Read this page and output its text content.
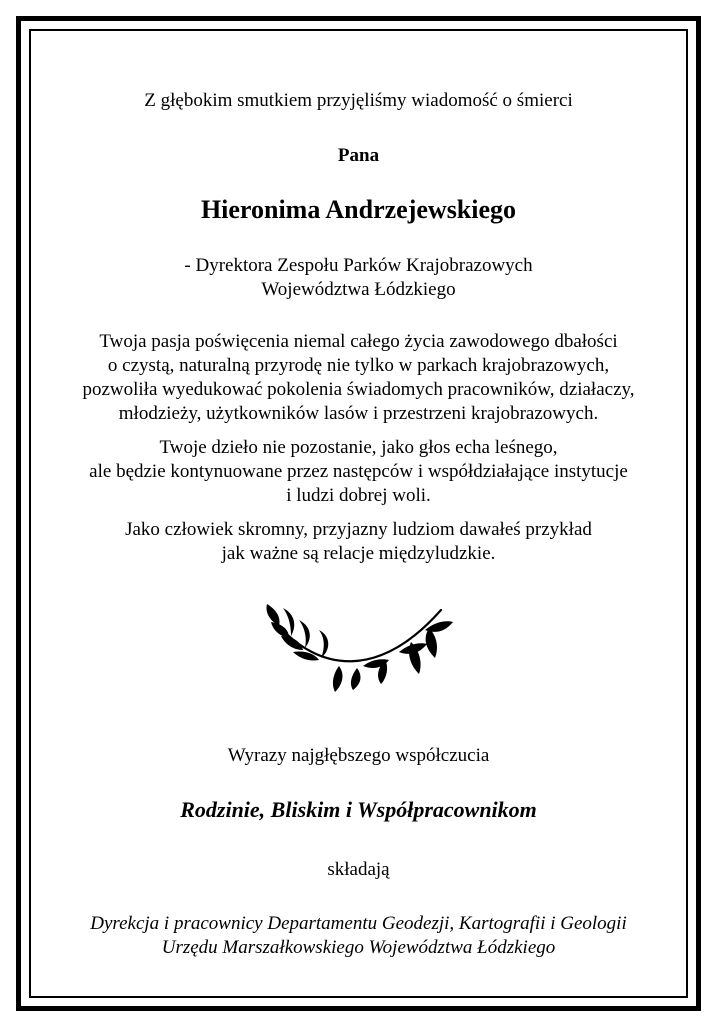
Z głębokim smutkiem przyjęliśmy wiadomość o śmierci
Pana
Hieronima Andrzejewskiego
- Dyrektora Zespołu Parków Krajobrazowych
Województwa Łódzkiego
Twoja pasja poświęcenia niemal całego życia zawodowego dbałości
o czystą, naturalną przyrodę nie tylko w parkach krajobrazowych,
pozwoliła wyedukować pokolenia świadomych pracowników, działaczy,
młodzieży, użytkowników lasów i przestrzeni krajobrazowych.
Twoje dzieło nie pozostanie, jako głos echa leśnego,
ale będzie kontynuowane przez następców i współdziałające instytucje
i ludzi dobrej woli.
Jako człowiek skromny, przyjazny ludziom dawałeś przykład
jak ważne są relacje międzyludzkie.
Wyrazy najgłębszego współczucia
Rodzinie, Bliskim i Współpracownikom
składają
Dyrekcja i pracownicy Departamentu Geodezji, Kartografii i Geologii
Urzędu Marszałkowskiego Województwa Łódzkiego
